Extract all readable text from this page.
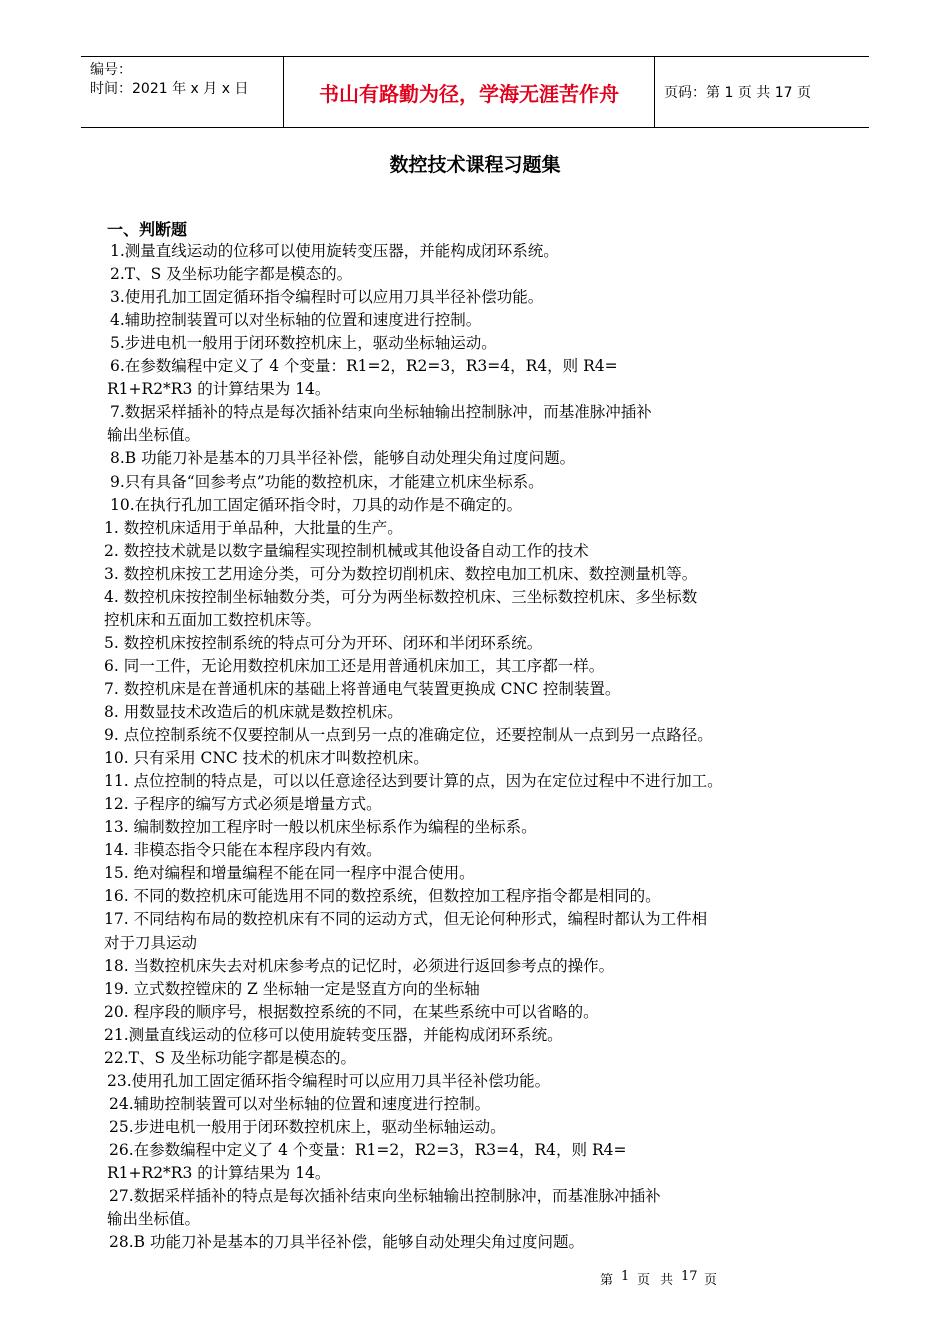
编号：
时间：2021 年 x 月 x 日	书山有路勤为径，学海无涯苦作舟	页码：第 1 页 共 17 页
数控技术课程习题集
一、判断题
1.测量直线运动的位移可以使用旋转变压器，并能构成闭环系统。
2.T、S 及坐标功能字都是模态的。
3.使用孔加工固定循环指令编程时可以应用刀具半径补偿功能。
4.辅助控制装置可以对坐标轴的位置和速度进行控制。
5.步进电机一般用于闭环数控机床上，驱动坐标轴运动。
6.在参数编程中定义了 4 个变量：R1=2，R2=3，R3=4，R4，则 R4=
R1+R2*R3 的计算结果为 14。
7.数据采样插补的特点是每次插补结束向坐标轴输出控制脉冲，而基准脉冲插补
输出坐标值。
8.B 功能刀补是基本的刀具半径补偿，能够自动处理尖角过度问题。
9.只有具备“回参考点”功能的数控机床，才能建立机床坐标系。
10.在执行孔加工固定循环指令时，刀具的动作是不确定的。
1. 数控机床适用于单品种，大批量的生产。
2. 数控技术就是以数字量编程实现控制机械或其他设备自动工作的技术
3. 数控机床按工艺用途分类，可分为数控切削机床、数控电加工机床、数控测量机等。
4. 数控机床按控制坐标轴数分类，可分为两坐标数控机床、三坐标数控机床、多坐标数
控机床和五面加工数控机床等。
5. 数控机床按控制系统的特点可分为开环、闭环和半闭环系统。
6. 同一工件，无论用数控机床加工还是用普通机床加工，其工序都一样。
7. 数控机床是在普通机床的基础上将普通电气装置更换成 CNC 控制装置。
8. 用数显技术改造后的机床就是数控机床。
9. 点位控制系统不仅要控制从一点到另一点的准确定位，还要控制从一点到另一点路径。
10. 只有采用 CNC 技术的机床才叫数控机床。
11. 点位控制的特点是，可以以任意途径达到要计算的点，因为在定位过程中不进行加工。
12. 子程序的编写方式必须是增量方式。
13. 编制数控加工程序时一般以机床坐标系作为编程的坐标系。
14. 非模态指令只能在本程序段内有效。
15. 绝对编程和增量编程不能在同一程序中混合使用。
16. 不同的数控机床可能选用不同的数控系统，但数控加工程序指令都是相同的。
17. 不同结构布局的数控机床有不同的运动方式，但无论何种形式，编程时都认为工件相
对于刀具运动
18. 当数控机床失去对机床参考点的记忆时，必须进行返回参考点的操作。
19. 立式数控镗床的 Z 坐标轴一定是竖直方向的坐标轴
20. 程序段的顺序号，根据数控系统的不同，在某些系统中可以省略的。
21.测量直线运动的位移可以使用旋转变压器，并能构成闭环系统。
22.T、S 及坐标功能字都是模态的。
23.使用孔加工固定循环指令编程时可以应用刀具半径补偿功能。
24.辅助控制装置可以对坐标轴的位置和速度进行控制。
25.步进电机一般用于闭环数控机床上，驱动坐标轴运动。
26.在参数编程中定义了 4 个变量：R1=2，R2=3，R3=4，R4，则 R4=
R1+R2*R3 的计算结果为 14。
27.数据采样插补的特点是每次插补结束向坐标轴输出控制脉冲，而基准脉冲插补
输出坐标值。
28.B 功能刀补是基本的刀具半径补偿，能够自动处理尖角过度问题。
第 1 页 共 17 页
